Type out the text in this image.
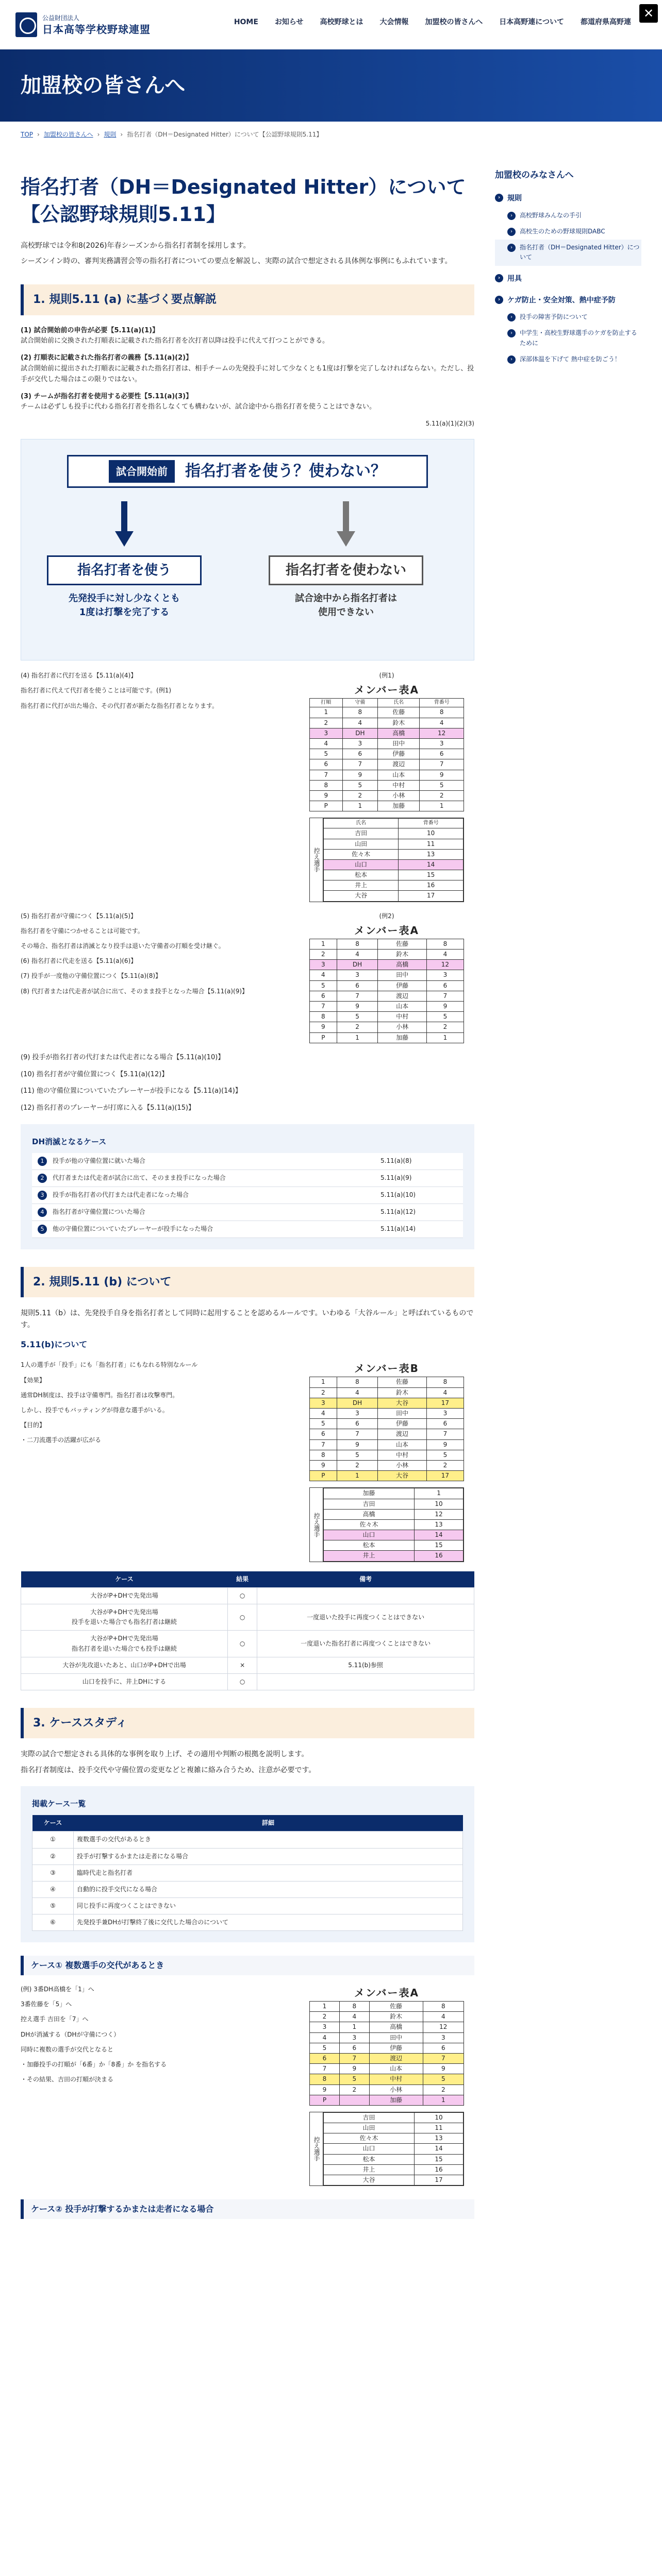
公益財団法人
日本高等学校野球連盟
HOME お知らせ 高校野球とは 大会情報 加盟校の皆さんへ 日本高野連について 都道府県高野連
✕
加盟校の皆さんへ
TOP › 加盟校の皆さんへ › 規則 › 指名打者（DH＝Designated Hitter）について【公認野球規則5.11】
指名打者（DH＝Designated Hitter）について
【公認野球規則5.11】

高校野球では令和8(2026)年春シーズンから指名打者制を採用します。

シーズンイン時の、審判実務講習会等の指名打者についての要点を解説し、実際の試合で想定される具体例な事例にもふれています。

1. 規則5.11 (a) に基づく要点解説
(1) 試合開始前の申告が必要【5.11(a)(1)】
試合開始前に交換された打順表に記載された指名打者を次打者以降は投手に代えて打つことができる。
(2) 打順表に記載された指名打者の義務【5.11(a)(2)】
試合開始前に提出された打順表に記載された指名打者は、相手チームの先発投手に対して少なくとも1度は打撃を完了しなければならない。ただし、投手が交代した場合はこの限りではない。
(3) チームが指名打者を使用する必要性【5.11(a)(3)】
チームは必ずしも投手に代わる指名打者を指名しなくても構わないが、試合途中から指名打者を使うことはできない。
5.11(a)(1)(2)(3)
試合開始前	指名打者を使う？使わない？
指名打者を使う	指名打者を使わない
先発投手に対し少なくとも
1度は打撃を完了する
試合途中から指名打者は
使用できない
(4) 指名打者に代打を送る【5.11(a)(4)】
指名打者に代えて代打者を使うことは可能です。(例1)
指名打者に代打が出た場合、その代打者が新たな指名打者となります。
(例1)
メンバー表A			
打順	守備	氏名	背番号
1	8	佐藤	8
2	4	鈴木	4
3	DH	高橋	12
4	3	田中	3
5	6	伊藤	6
6	7	渡辺	7
7	9	山本	9
8	5	中村	5
9	2	小林	2
P	1	加藤	1
控え選手
氏名	背番号
吉田	10
山田	11
佐々木	13
山口	14
松本	15
井上	16
大谷	17
(5) 指名打者が守備につく【5.11(a)(5)】
指名打者を守備につかせることは可能です。
その場合、指名打者は消滅となり投手は退いた守備者の打順を受け継ぐ。
(6) 指名打者に代走を送る【5.11(a)(6)】
(7) 投手が一度他の守備位置につく【5.11(a)(8)】
(8) 代打者または代走者が試合に出て、そのまま投手となった場合【5.11(a)(9)】
(例2)
メンバー表A			
1	8	佐藤	8
2	4	鈴木	4
3	DH	高橋	12
4	3	田中	3
5	6	伊藤	6
6	7	渡辺	7
7	9	山本	9
8	5	中村	5
9	2	小林	2
P	1	加藤	1
(9) 投手が指名打者の代打または代走者になる場合【5.11(a)(10)】
(10) 指名打者が守備位置につく【5.11(a)(12)】
(11) 他の守備位置についていたプレーヤーが投手になる【5.11(a)(14)】
(12) 指名打者のプレーヤーが打席に入る【5.11(a)(15)】
DH消滅となるケース
1	投手が他の守備位置に就いた場合	5.11(a)(8)
2	代打者または代走者が試合に出て、そのまま投手になった場合	5.11(a)(9)
3	投手が指名打者の代打または代走者になった場合	5.11(a)(10)
4	指名打者が守備位置についた場合	5.11(a)(12)
5	他の守備位置についていたプレーヤーが投手になった場合	5.11(a)(14)
2. 規則5.11 (b) について

規則5.11（b）は、先発投手自身を指名打者として同時に起用することを認めるルールです。いわゆる「大谷ルール」と呼ばれているものです。

5.11(b)について
1人の選手が「投手」にも「指名打者」にもなれる特別なルール
【効果】
通常DH制度は、投手は守備専門。指名打者は攻撃専門。
しかし、投手でもバッティングが得意な選手がいる。
【目的】
・二刀流選手の活躍が広がる
メンバー表B			
1	8	佐藤	8
2	4	鈴木	4
3	DH	大谷	17
4	3	田中	3
5	6	伊藤	6
6	7	渡辺	7
7	9	山本	9
8	5	中村	5
9	2	小林	2
P	1	大谷	17
控え選手
加藤	1
吉田	10
高橋	12
佐々木	13
山口	14
松本	15
井上	16
ケース	結果	備考
大谷がP+DHで先発出場	○	
大谷がP+DHで先発出場
投手を退いた場合でも指名打者は継続	○	一度退いた投手に再度つくことはできない
大谷がP+DHで先発出場
指名打者を退いた場合でも投手は継続	○	一度退いた指名打者に再度つくことはできない
大谷が先攻退いたあと、山口がP+DHで出場	×	5.11(b)参照
山口を投手に、井上DHにする	○	
3. ケーススタディ

実際の試合で想定される具体的な事例を取り上げ、その適用や判断の根拠を説明します。

指名打者制度は、投手交代や守備位置の変更などと複雑に絡み合うため、注意が必要です。

掲載ケース一覧
ケース	詳細
①	複数選手の交代があるとき
②	投手が打撃するかまたは走者になる場合
③	臨時代走と指名打者
④	自動的に投手交代になる場合
⑤	同じ投手に再度つくことはできない
⑥	先発投手兼DHが打撃終了後に交代した場合のについて
ケース① 複数選手の交代があるとき
(例) 3番DH高橋を「1」へ
3番佐藤を「5」へ
控え選手 吉田を「7」へ
DHが消滅する（DHが守備につく）
同時に複数の選手が交代となると
・加藤投手の打順が「6番」か「8番」か を指名する
・その結果、吉田の打順が決まる
メンバー表A			
1	8	佐藤	8
2	4	鈴木	4
3	1	高橋	12
4	3	田中	3
5	6	伊藤	6
6	7	渡辺	7
7	9	山本	9
8	5	中村	5
9	2	小林	2
P		加藤	1
控え選手
吉田	10
山田	11
佐々木	13
山口	14
松本	15
井上	16
大谷	17
ケース② 投手が打撃するかまたは走者になる場合
加盟校のみなさんへ
› 規則
›	高校野球みんなの手引
›	高校生のための野球規則DABC
›	指名打者（DH＝Designated Hitter）について
› 用具
› ケガ防止・安全対策、熱中症予防
›	投手の障害予防について
›	中学生・高校生野球選手のケガを防止するために
›	深部体温を下げて 熱中症を防ごう！
